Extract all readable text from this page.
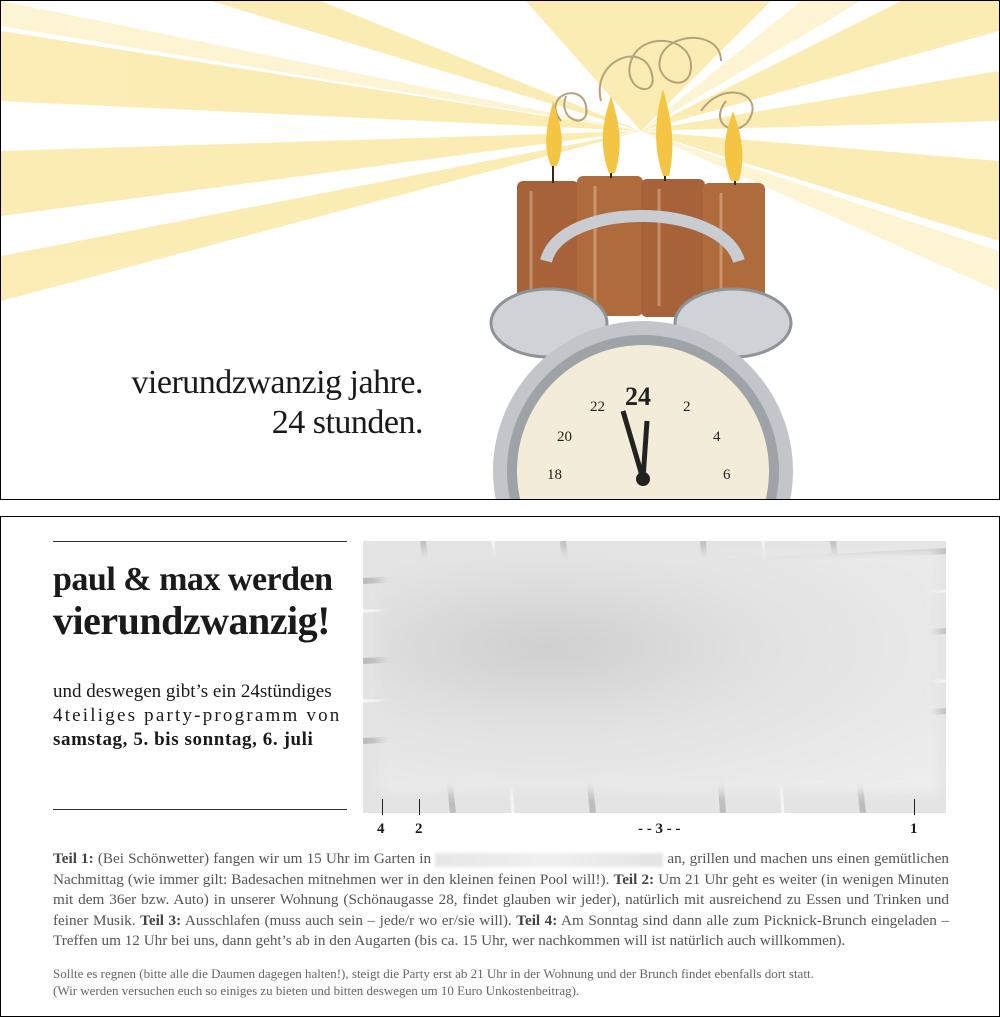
24
22	2
20	4
18	6
vierundzwanzig jahre.
24 stunden.
paul & max werden
vierundzwanzig!
und deswegen gibt’s ein 24stündiges
4teiliges party-programm von
samstag, 5. bis sonntag, 6. juli
4 2	- - 3 - -	1
Teil 1: (Bei Schönwetter) fangen wir um 15 Uhr im Garten in	an, grillen und machen uns einen gemütlichen Nachmittag (wie immer gilt: Badesachen mitnehmen wer in den kleinen feinen Pool will!). Teil 2: Um 21 Uhr geht es weiter (in wenigen Minuten mit dem 36er bzw. Auto) in unserer Wohnung (Schönaugasse 28, findet glauben wir jeder), natürlich mit ausreichend zu Essen und Trinken und feiner Musik. Teil 3: Ausschlafen (muss auch sein – jede/r wo er/sie will). Teil 4: Am Sonntag sind dann alle zum Picknick-Brunch eingeladen – Treffen um 12 Uhr bei uns, dann geht’s ab in den Augarten (bis ca. 15 Uhr, wer nachkommen will ist natürlich auch willkommen).
Sollte es regnen (bitte alle die Daumen dagegen halten!), steigt die Party erst ab 21 Uhr in der Wohnung und der Brunch findet ebenfalls dort statt.
(Wir werden versuchen euch so einiges zu bieten und bitten deswegen um 10 Euro Unkostenbeitrag).
